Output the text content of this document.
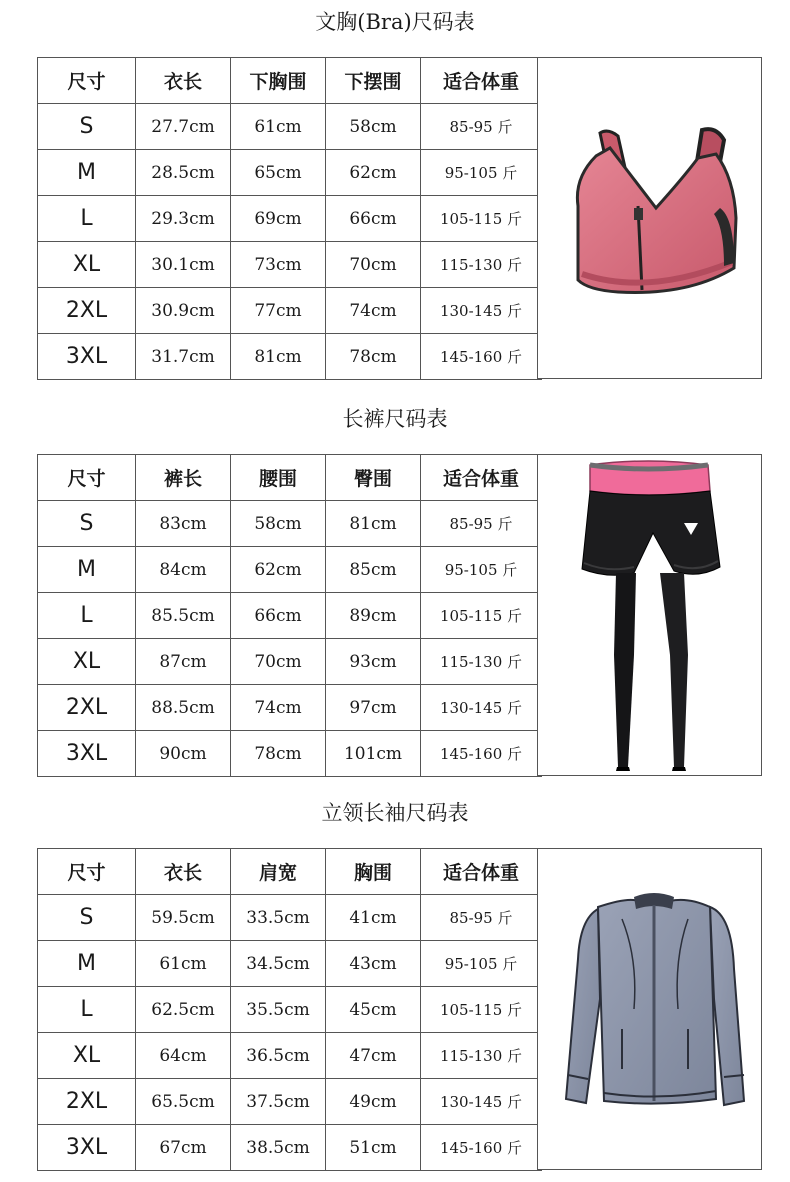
文胸(Bra)尺码表
尺寸	衣长	下胸围	下摆围	适合体重
S	27.7cm	61cm	58cm	85-95 斤
M	28.5cm	65cm	62cm	95-105 斤
L	29.3cm	69cm	66cm	105-115 斤
XL	30.1cm	73cm	70cm	115-130 斤
2XL	30.9cm	77cm	74cm	130-145 斤
3XL	31.7cm	81cm	78cm	145-160 斤
长裤尺码表
尺寸	裤长	腰围	臀围	适合体重
S	83cm	58cm	81cm	85-95 斤
M	84cm	62cm	85cm	95-105 斤
L	85.5cm	66cm	89cm	105-115 斤
XL	87cm	70cm	93cm	115-130 斤
2XL	88.5cm	74cm	97cm	130-145 斤
3XL	90cm	78cm	101cm	145-160 斤
立领长袖尺码表
尺寸	衣长	肩宽	胸围	适合体重
S	59.5cm	33.5cm	41cm	85-95 斤
M	61cm	34.5cm	43cm	95-105 斤
L	62.5cm	35.5cm	45cm	105-115 斤
XL	64cm	36.5cm	47cm	115-130 斤
2XL	65.5cm	37.5cm	49cm	130-145 斤
3XL	67cm	38.5cm	51cm	145-160 斤
